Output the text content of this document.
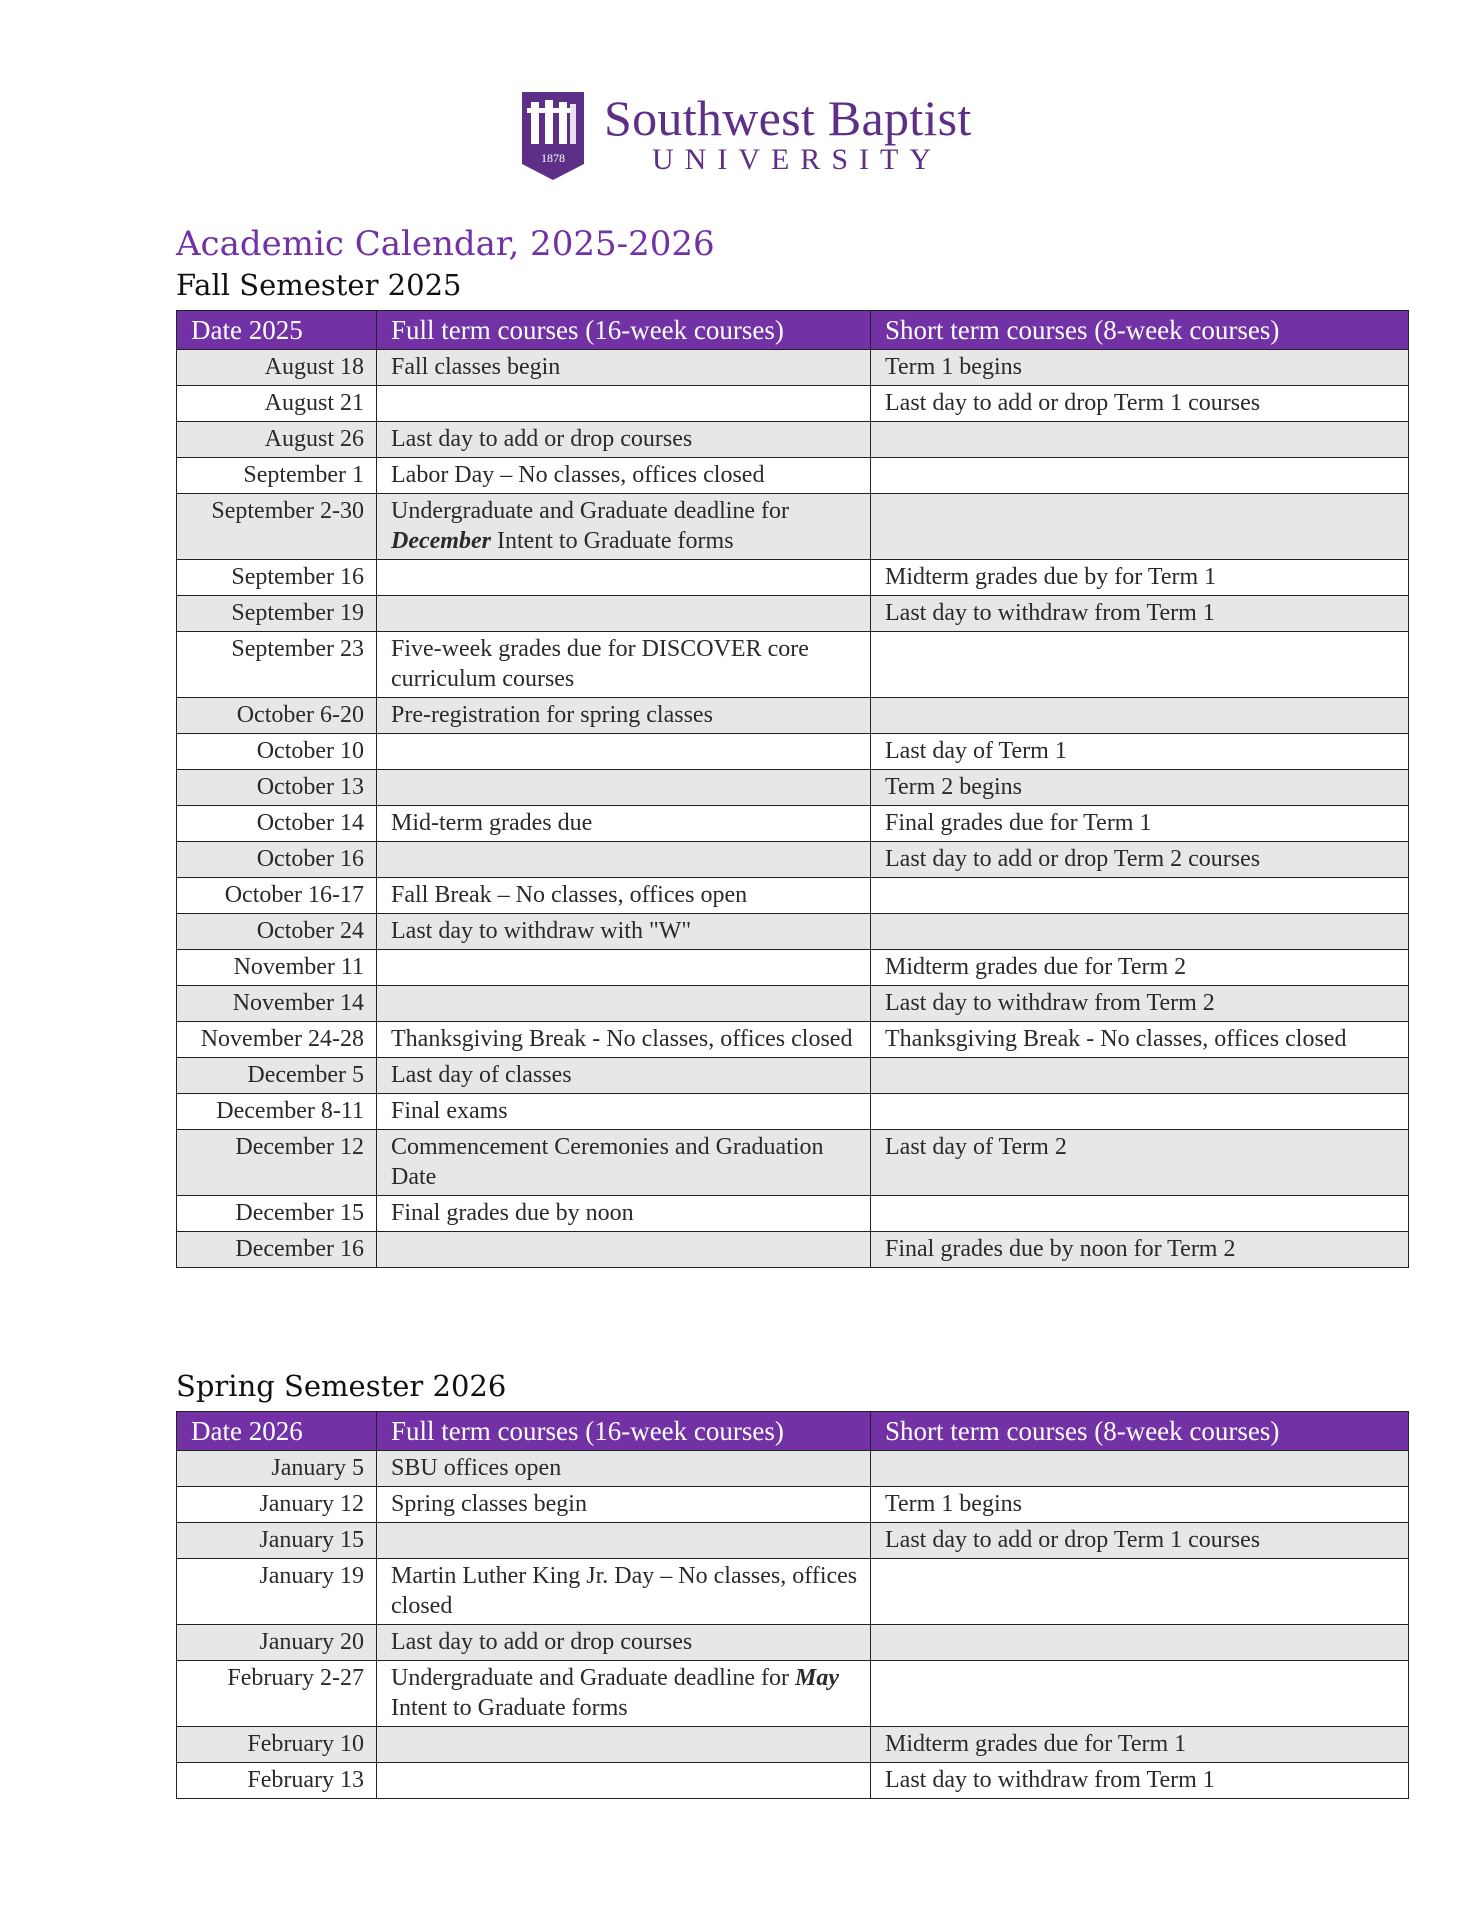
1878
Southwest Baptist
UNIVERSITY
Academic Calendar, 2025-2026
Fall Semester 2025
Date 2025	Full term courses (16-week courses)	Short term courses (8-week courses)
August 18	Fall classes begin	Term 1 begins
August 21		Last day to add or drop Term 1 courses
August 26	Last day to add or drop courses	
September 1	Labor Day – No classes, offices closed	
September 2-30	Undergraduate and Graduate deadline for December Intent to Graduate forms	
September 16		Midterm grades due by for Term 1
September 19		Last day to withdraw from Term 1
September 23	Five-week grades due for DISCOVER core curriculum courses	
October 6-20	Pre-registration for spring classes	
October 10		Last day of Term 1
October 13		Term 2 begins
October 14	Mid-term grades due	Final grades due for Term 1
October 16		Last day to add or drop Term 2 courses
October 16-17	Fall Break – No classes, offices open	
October 24	Last day to withdraw with "W"	
November 11		Midterm grades due for Term 2
November 14		Last day to withdraw from Term 2
November 24-28	Thanksgiving Break - No classes, offices closed	Thanksgiving Break - No classes, offices closed
December 5	Last day of classes	
December 8-11	Final exams	
December 12	Commencement Ceremonies and Graduation Date	Last day of Term 2
December 15	Final grades due by noon	
December 16		Final grades due by noon for Term 2
Spring Semester 2026
Date 2026	Full term courses (16-week courses)	Short term courses (8-week courses)
January 5	SBU offices open	
January 12	Spring classes begin	Term 1 begins
January 15		Last day to add or drop Term 1 courses
January 19	Martin Luther King Jr. Day – No classes, offices closed	
January 20	Last day to add or drop courses	
February 2-27	Undergraduate and Graduate deadline for May Intent to Graduate forms	
February 10		Midterm grades due for Term 1
February 13		Last day to withdraw from Term 1
